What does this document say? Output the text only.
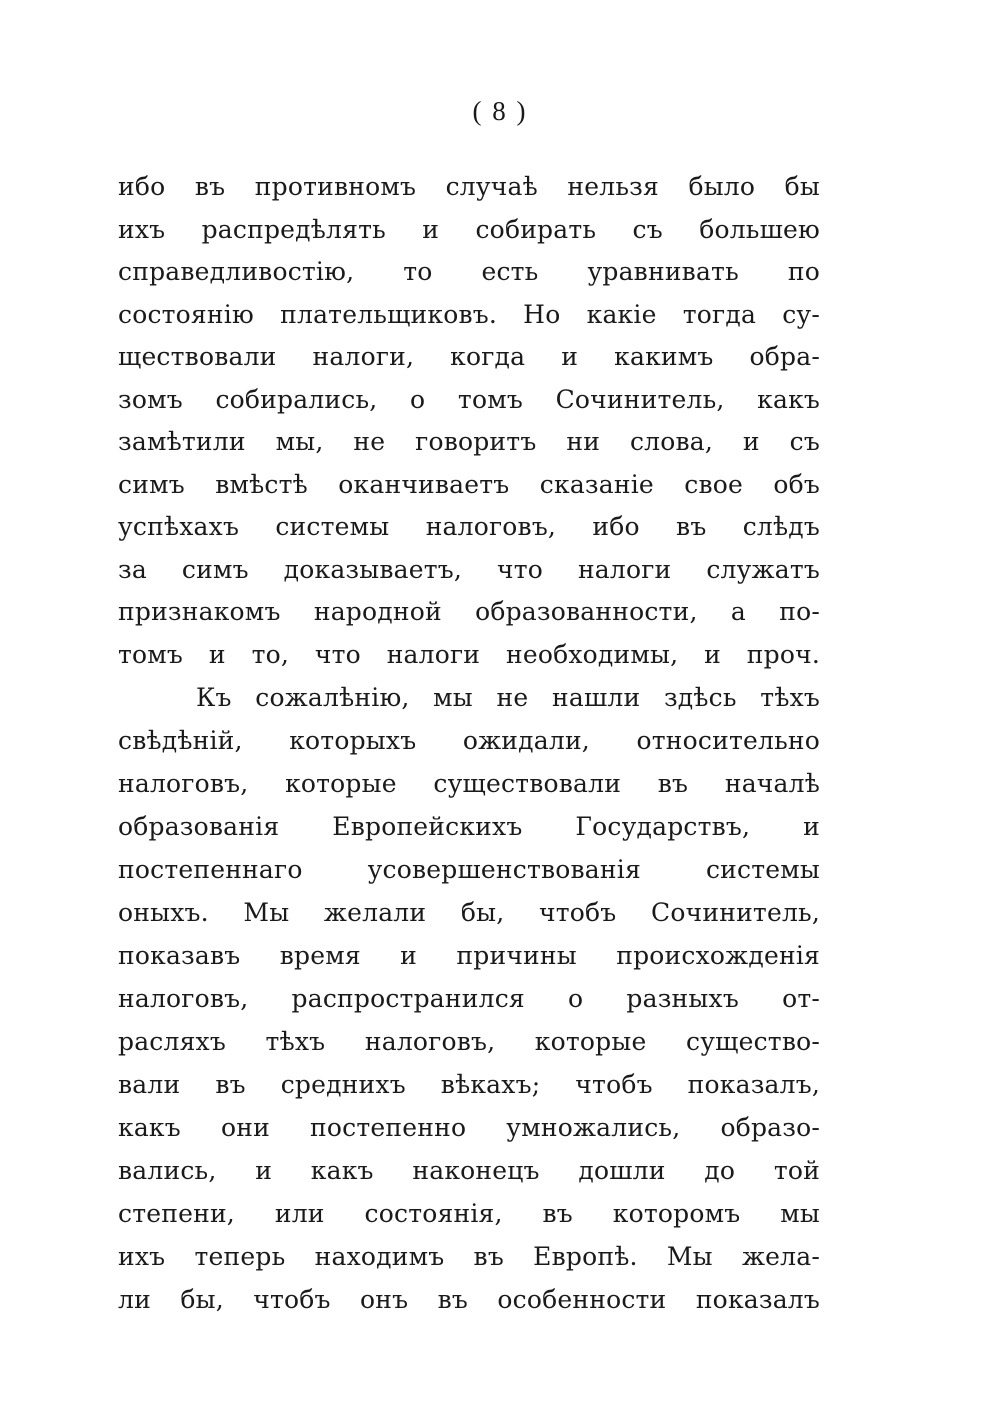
( 8 )
ибо въ противномъ случаѣ нельзя было бы
ихъ распредѣлять и собирать съ большею
справедливостію, то есть уравнивать по
состоянію плательщиковъ. Но какіе тогда су-
ществовали налоги, когда и какимъ обра-
зомъ собирались, о томъ Сочинитель, какъ
замѣтили мы, не говоритъ ни слова, и съ
симъ вмѣстѣ оканчиваетъ сказаніе свое объ
успѣхахъ системы налоговъ, ибо въ слѣдъ
за симъ доказываетъ, что налоги служатъ
признакомъ народной образованности, а по-
томъ и то, что налоги необходимы, и проч.
Къ сожалѣнію, мы не нашли здѣсь тѣхъ
свѣдѣній, которыхъ ожидали, относительно
налоговъ, которые существовали въ началѣ
образованія Европейскихъ Государствъ, и
постепеннаго усовершенствованія системы
оныхъ. Мы желали бы, чтобъ Сочинитель,
показавъ время и причины происхожденія
налоговъ, распространился о разныхъ от-
расляхъ тѣхъ налоговъ, которые существо-
вали въ среднихъ вѣкахъ; чтобъ показалъ,
какъ они постепенно умножались, образо-
вались, и какъ наконецъ дошли до той
степени, или состоянія, въ которомъ мы
ихъ теперь находимъ въ Европѣ. Мы жела-
ли бы, чтобъ онъ въ особенности показалъ
